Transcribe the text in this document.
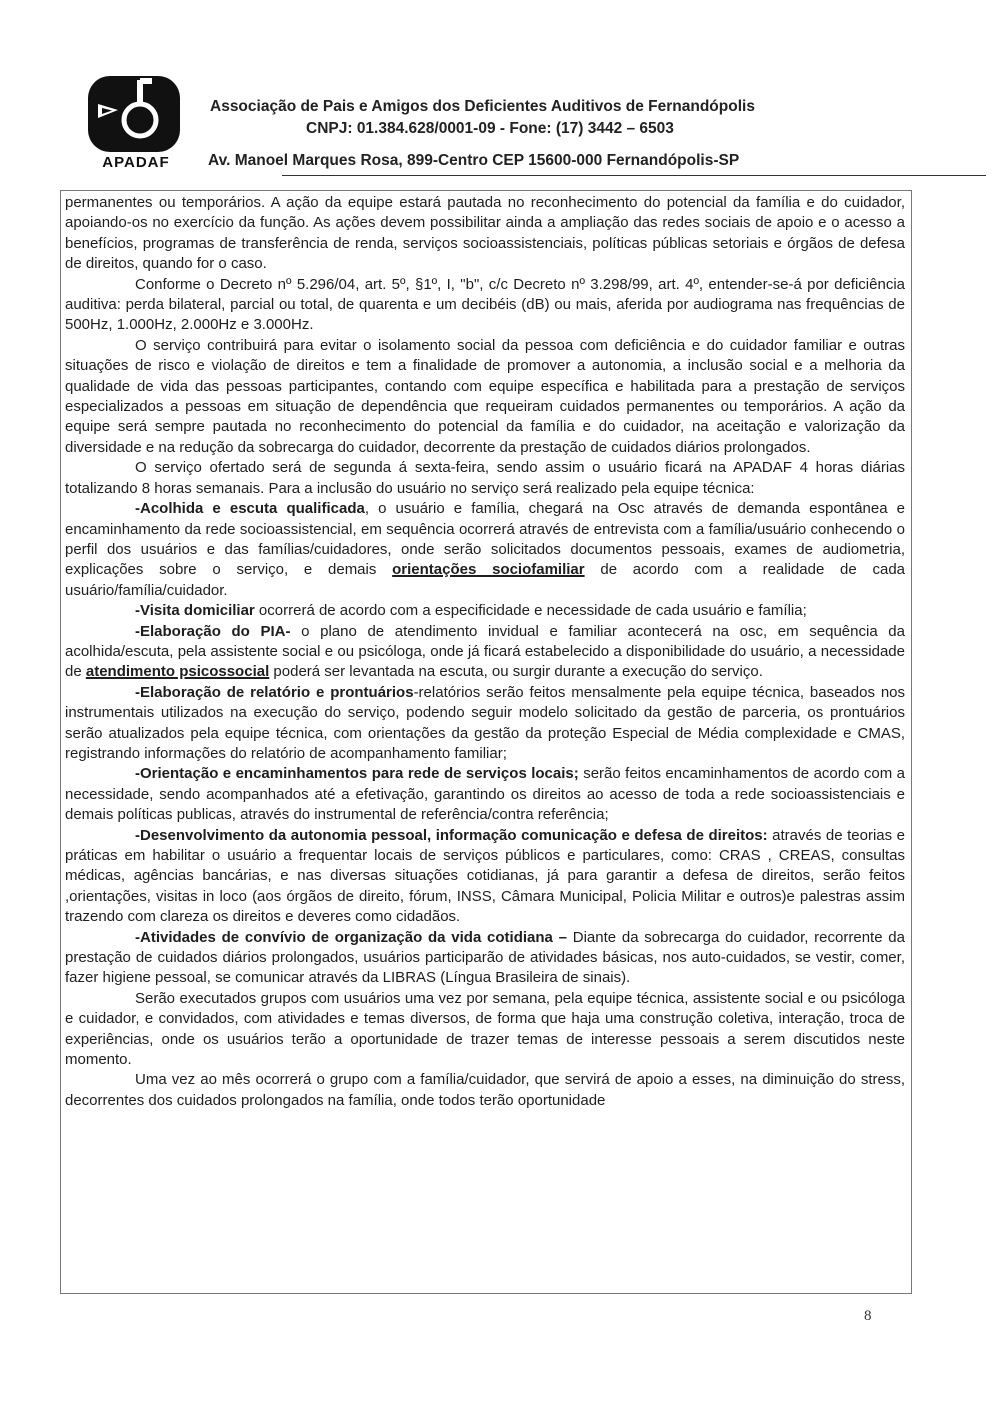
APADAF
Associação de Pais e Amigos dos Deficientes Auditivos de Fernandópolis
CNPJ: 01.384.628/0001-09 - Fone: (17) 3442 – 6503
Av. Manoel Marques Rosa, 899-Centro CEP 15600-000 Fernandópolis-SP

permanentes ou temporários. A ação da equipe estará pautada no reconhecimento do potencial da família e do cuidador, apoiando-os no exercício da função. As ações devem possibilitar ainda a ampliação das redes sociais de apoio e o acesso a benefícios, programas de transferência de renda, serviços socioassistenciais, políticas públicas setoriais e órgãos de defesa de direitos, quando for o caso.

Conforme o Decreto nº 5.296/04, art. 5º, §1º, I, "b", c/c Decreto nº 3.298/99, art. 4º, entender-se-á por deficiência auditiva: perda bilateral, parcial ou total, de quarenta e um decibéis (dB) ou mais, aferida por audiograma nas frequências de 500Hz, 1.000Hz, 2.000Hz e 3.000Hz.

O serviço contribuirá para evitar o isolamento social da pessoa com deficiência e do cuidador familiar e outras situações de risco e violação de direitos e tem a finalidade de promover a autonomia, a inclusão social e a melhoria da qualidade de vida das pessoas participantes, contando com equipe específica e habilitada para a prestação de serviços especializados a pessoas em situação de dependência que requeiram cuidados permanentes ou temporários. A ação da equipe será sempre pautada no reconhecimento do potencial da família e do cuidador, na aceitação e valorização da diversidade e na redução da sobrecarga do cuidador, decorrente da prestação de cuidados diários prolongados.

O serviço ofertado será de segunda á sexta-feira, sendo assim o usuário ficará na APADAF 4 horas diárias totalizando 8 horas semanais. Para a inclusão do usuário no serviço será realizado pela equipe técnica:

-Acolhida e escuta qualificada, o usuário e família, chegará na Osc através de demanda espontânea e encaminhamento da rede socioassistencial, em sequência ocorrerá através de entrevista com a família/usuário conhecendo o perfil dos usuários e das famílias/cuidadores, onde serão solicitados documentos pessoais, exames de audiometria, explicações sobre o serviço, e demais orientações sociofamiliar de acordo com a realidade de cada usuário/família/cuidador.

-Visita domiciliar ocorrerá de acordo com a especificidade e necessidade de cada usuário e família;

-Elaboração do PIA- o plano de atendimento invidual e familiar acontecerá na osc, em sequência da acolhida/escuta, pela assistente social e ou psicóloga, onde já ficará estabelecido a disponibilidade do usuário, a necessidade de atendimento psicossocial poderá ser levantada na escuta, ou surgir durante a execução do serviço.

-Elaboração de relatório e prontuários-relatórios serão feitos mensalmente pela equipe técnica, baseados nos instrumentais utilizados na execução do serviço, podendo seguir modelo solicitado da gestão de parceria, os prontuários serão atualizados pela equipe técnica, com orientações da gestão da proteção Especial de Média complexidade e CMAS, registrando informações do relatório de acompanhamento familiar;

-Orientação e encaminhamentos para rede de serviços locais; serão feitos encaminhamentos de acordo com a necessidade, sendo acompanhados até a efetivação, garantindo os direitos ao acesso de toda a rede socioassistenciais e demais políticas publicas, através do instrumental de referência/contra referência;

-Desenvolvimento da autonomia pessoal, informação comunicação e defesa de direitos: através de teorias e práticas em habilitar o usuário a frequentar locais de serviços públicos e particulares, como: CRAS , CREAS, consultas médicas, agências bancárias, e nas diversas situações cotidianas, já para garantir a defesa de direitos, serão feitos ,orientações, visitas in loco (aos órgãos de direito, fórum, INSS, Câmara Municipal, Policia Militar e outros)e palestras assim trazendo com clareza os direitos e deveres como cidadãos.

-Atividades de convívio de organização da vida cotidiana – Diante da sobrecarga do cuidador, recorrente da prestação de cuidados diários prolongados, usuários participarão de atividades básicas, nos auto-cuidados, se vestir, comer, fazer higiene pessoal, se comunicar através da LIBRAS (Língua Brasileira de sinais).

Serão executados grupos com usuários uma vez por semana, pela equipe técnica, assistente social e ou psicóloga e cuidador, e convidados, com atividades e temas diversos, de forma que haja uma construção coletiva, interação, troca de experiências, onde os usuários terão a oportunidade de trazer temas de interesse pessoais a serem discutidos neste momento.

Uma vez ao mês ocorrerá o grupo com a família/cuidador, que servirá de apoio a esses, na diminuição do stress, decorrentes dos cuidados prolongados na família, onde todos terão oportunidade

8
